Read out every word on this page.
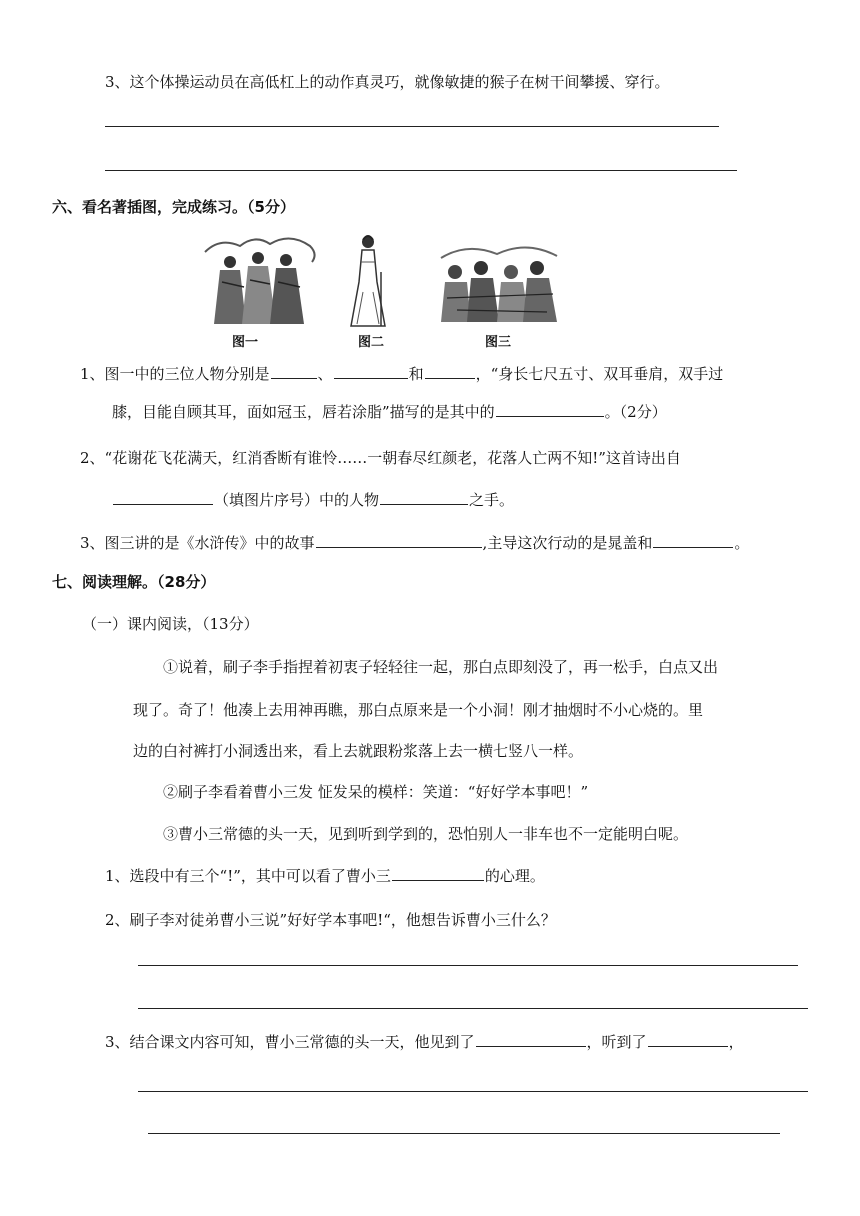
3、这个体操运动员在高低杠上的动作真灵巧，就像敏捷的猴子在树干间攀援、穿行。
六、看名著插图，完成练习。（5分）
图一	图二	图三
1、图一中的三位人物分别是	、	和	，“身长七尺五寸、双耳垂肩，双手过
膝，目能自顾其耳，面如冠玉，唇若涂脂”描写的是其中的	。（2分）
2、“花谢花飞花满天，红消香断有谁怜……一朝春尽红颜老，花落人亡两不知!”这首诗出自
（填图片序号）中的人物	之手。
3、图三讲的是《水浒传》中的故事	,主导这次行动的是晁盖和	。
七、阅读理解。（28分）
（一）课内阅读，（13分）
①说着，刷子李手指捏着初衷子轻轻往一起，那白点即刻没了，再一松手，白点又出
现了。奇了！他凑上去用神再瞧，那白点原来是一个小洞！刚才抽烟时不小心烧的。里
边的白衬裤打小洞透出来，看上去就跟粉浆落上去一横七竖八一样。
②刷子李看着曹小三发 怔发呆的模样：笑道：“好好学本事吧！”
③曹小三常德的头一天，见到听到学到的，恐怕别人一非车也不一定能明白呢。
1、选段中有三个“!”，其中可以看了曹小三	的心理。
2、刷子李对徒弟曹小三说”好好学本事吧!“，他想告诉曹小三什么？
3、结合课文内容可知，曹小三常德的头一天，他见到了	，听到了	，
